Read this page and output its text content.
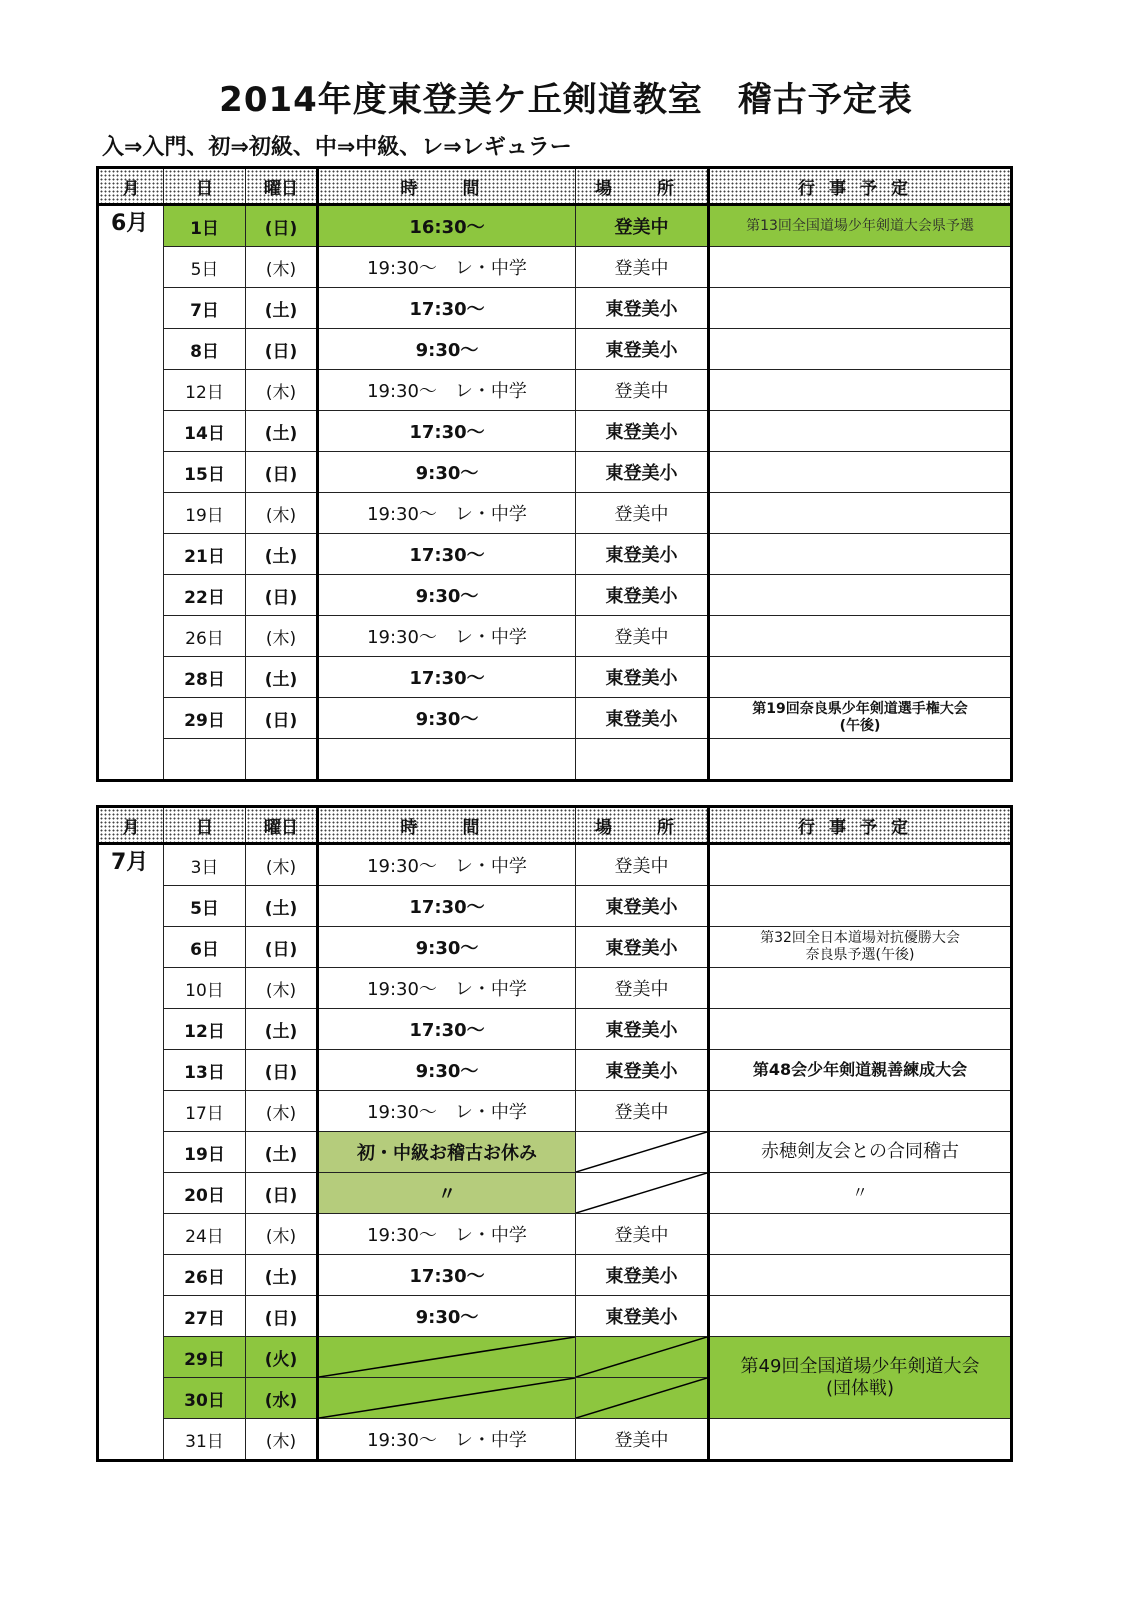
2014年度東登美ケ丘剣道教室　稽古予定表
入⇒入門、初⇒初級、中⇒中級、レ⇒レギュラー
月	日	曜日	時　間	場　所	行事予定
6月	1日	(日)	16:30〜	登美中	第13回全国道場少年剣道大会県予選
	5日	(木)	19:30〜　レ・中学	登美中	
	7日	(土)	17:30〜	東登美小	
	8日	(日)	9:30〜	東登美小	
	12日	(木)	19:30〜　レ・中学	登美中	
	14日	(土)	17:30〜	東登美小	
	15日	(日)	9:30〜	東登美小	
	19日	(木)	19:30〜　レ・中学	登美中	
	21日	(土)	17:30〜	東登美小	
	22日	(日)	9:30〜	東登美小	
	26日	(木)	19:30〜　レ・中学	登美中	
	28日	(土)	17:30〜	東登美小	
	29日	(日)	9:30〜	東登美小	第19回奈良県少年剣道選手権大会
(午後)

月	日	曜日	時　間	場　所	行事予定
7月	3日	(木)	19:30〜　レ・中学	登美中	
	5日	(土)	17:30〜	東登美小	
	6日	(日)	9:30〜	東登美小	第32回全日本道場対抗優勝大会
奈良県予選(午後)

	10日	(木)	19:30〜　レ・中学	登美中	
	12日	(土)	17:30〜	東登美小	
	13日	(日)	9:30〜	東登美小	第48会少年剣道親善練成大会
	17日	(木)	19:30〜　レ・中学	登美中	
	19日	(土)	初・中級お稽古お休み		赤穂剣友会との合同稽古
	20日	(日)	〃		〃
	24日	(木)	19:30〜　レ・中学	登美中	
	26日	(土)	17:30〜	東登美小	
	27日	(日)	9:30〜	東登美小	
	29日	(火)			第49回全国道場少年剣道大会
(団体戦)

	30日	(水)	

	31日	(木)	19:30〜　レ・中学	登美中	
